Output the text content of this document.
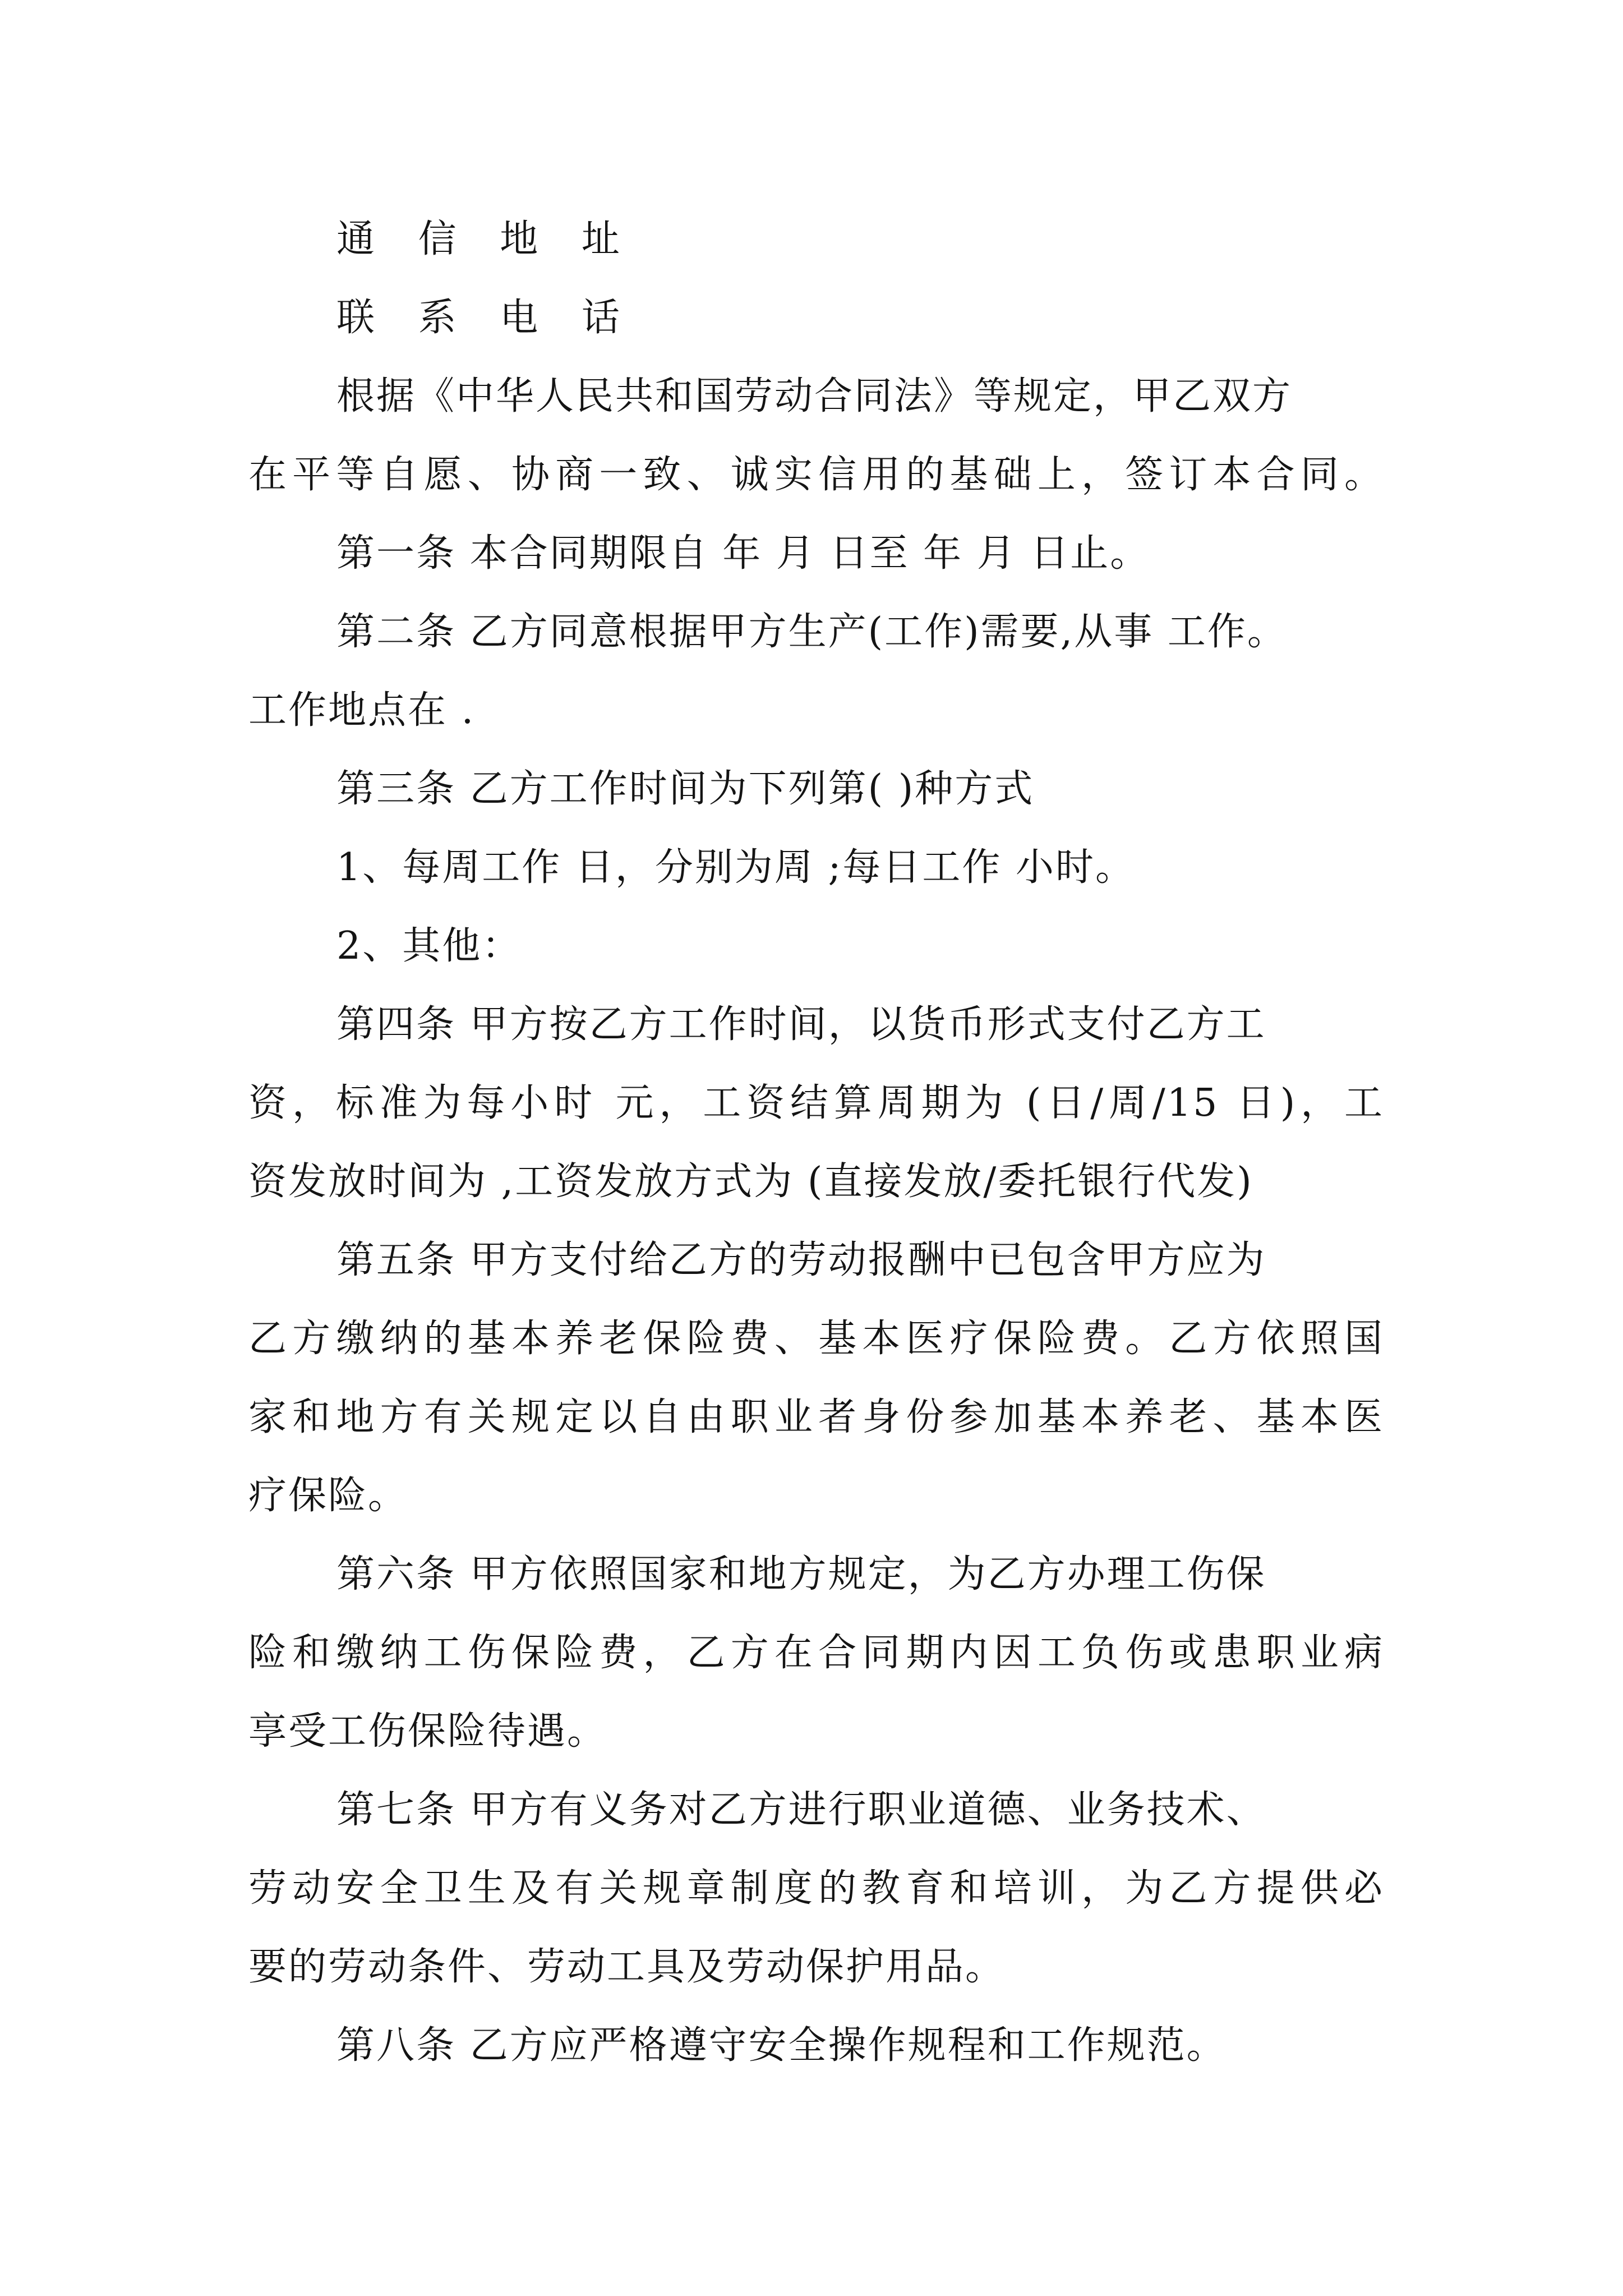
通 信 地 址
联 系 电 话
根据《中华人民共和国劳动合同法》等规定，甲乙双方
在平等自愿、协商一致、诚实信用的基础上，签订本合同。
第一条 本合同期限自 年 月 日至 年 月 日止。
第二条 乙方同意根据甲方生产(工作)需要,从事 工作。
工作地点在 .
第三条 乙方工作时间为下列第( )种方式
1、每周工作 日，分别为周 ;每日工作 小时。
2、其他：
第四条 甲方按乙方工作时间，以货币形式支付乙方工
资，标准为每小时 元，工资结算周期为 (日/周/15 日)，工
资发放时间为 ,工资发放方式为 (直接发放/委托银行代发)
第五条 甲方支付给乙方的劳动报酬中已包含甲方应为
乙方缴纳的基本养老保险费、基本医疗保险费。乙方依照国
家和地方有关规定以自由职业者身份参加基本养老、基本医
疗保险。
第六条 甲方依照国家和地方规定，为乙方办理工伤保
险和缴纳工伤保险费，乙方在合同期内因工负伤或患职业病
享受工伤保险待遇。
第七条 甲方有义务对乙方进行职业道德、业务技术、
劳动安全卫生及有关规章制度的教育和培训，为乙方提供必
要的劳动条件、劳动工具及劳动保护用品。
第八条 乙方应严格遵守安全操作规程和工作规范。
